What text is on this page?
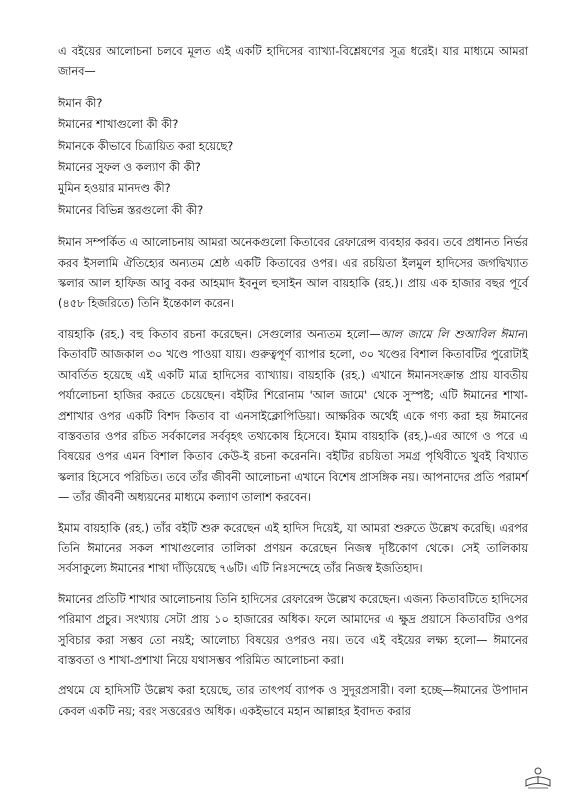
এ বইয়ের আলোচনা চলবে মূলত এই একটি হাদিসের ব্যাখ্যা-বিশ্লেষণের সূত্র ধরেই। যার মাধ্যমে আমরা জানব—

ঈমান কী?
ঈমানের শাখাগুলো কী কী?
ঈমানকে কীভাবে চিত্রায়িত করা হয়েছে?
ঈমানের সুফল ও কল্যাণ কী কী?
মুমিন হওয়ার মানদণ্ড কী?
ঈমানের বিভিন্ন স্তরগুলো কী কী?

ঈমান সম্পর্কিত এ আলোচনায় আমরা অনেকগুলো কিতাবের রেফারেন্স ব্যবহার করব। তবে প্রধানত নির্ভর করব ইসলামি ঐতিহ্যের অন্যতম শ্রেষ্ঠ একটি কিতাবের ওপর। এর রচয়িতা ইলমুল হাদিসের জগদ্বিখ্যাত স্কলার আল হাফিজ আবু বকর আহমাদ ইবনুল হুসাইন আল বায়হাকি (রহ.)। প্রায় এক হাজার বছর পূর্বে (৪৫৮ হিজরিতে) তিনি ইন্তেকাল করেন।

বায়হাকি (রহ.) বহু কিতাব রচনা করেছেন। সেগুলোর অন্যতম হলো—আল জামে লি শুআবিল ঈমান। কিতাবটি আজকাল ৩০ খণ্ডে পাওয়া যায়। গুরুত্বপূর্ণ ব্যাপার হলো, ৩০ খণ্ডের বিশাল কিতাবটির পুরোটাই আবর্তিত হয়েছে এই একটি মাত্র হাদিসের ব্যাখ্যায়। বায়হাকি (রহ.) এখানে ঈমানসংক্রান্ত প্রায় যাবতীয় পর্যালোচনা হাজির করতে চেয়েছেন। বইটির শিরোনাম 'আল জামে' থেকে সুস্পষ্ট; এটি ঈমানের শাখা-প্রশাখার ওপর একটি বিশদ কিতাব বা এনসাইক্লোপিডিয়া। আক্ষরিক অর্থেই একে গণ্য করা হয় ঈমানের বাস্তবতার ওপর রচিত সর্বকালের সর্ববৃহৎ তথ্যকোষ হিসেবে। ইমাম বায়হাকি (রহ.)-এর আগে ও পরে এ বিষয়ের ওপর এমন বিশাল কিতাব কেউ-ই রচনা করেননি। বইটির রচয়িতা সমগ্র পৃথিবীতে খুবই বিখ্যাত স্কলার হিসেবে পরিচিত। তবে তাঁর জীবনী আলোচনা এখানে বিশেষ প্রাসঙ্গিক নয়। আপনাদের প্রতি পরামর্শ— তাঁর জীবনী অধ্যয়নের মাধ্যমে কল্যাণ তালাশ করবেন।

ইমাম বায়হাকি (রহ.) তাঁর বইটি শুরু করেছেন এই হাদিস দিয়েই, যা আমরা শুরুতে উল্লেখ করেছি। এরপর তিনি ঈমানের সকল শাখাগুলোর তালিকা প্রণয়ন করেছেন নিজস্ব দৃষ্টিকোণ থেকে। সেই তালিকায় সর্বসাকুল্যে ঈমানের শাখা দাঁড়িয়েছে ৭৬টি। এটি নিঃসন্দেহে তাঁর নিজস্ব ইজতিহাদ।

ঈমানের প্রতিটি শাখার আলোচনায় তিনি হাদিসের রেফারেন্স উল্লেখ করেছেন। এজন্য কিতাবটিতে হাদিসের পরিমাণ প্রচুর। সংখ্যায় সেটা প্রায় ১০ হাজারের অধিক। ফলে আমাদের এ ক্ষুদ্র প্রয়াসে কিতাবটির ওপর সুবিচার করা সম্ভব তো নয়ই; আলোচ্য বিষয়ের ওপরও নয়। তবে এই বইয়ের লক্ষ্য হলো— ঈমানের বাস্তবতা ও শাখা-প্রশাখা নিয়ে যথাসম্ভব পরিমিত আলোচনা করা।

প্রথমে যে হাদিসটি উল্লেখ করা হয়েছে, তার তাৎপর্য ব্যাপক ও সুদূরপ্রসারী। বলা হচ্ছে—ঈমানের উপাদান কেবল একটি নয়; বরং সত্তরেরও অধিক। একইভাবে মহান আল্লাহর ইবাদত করার
